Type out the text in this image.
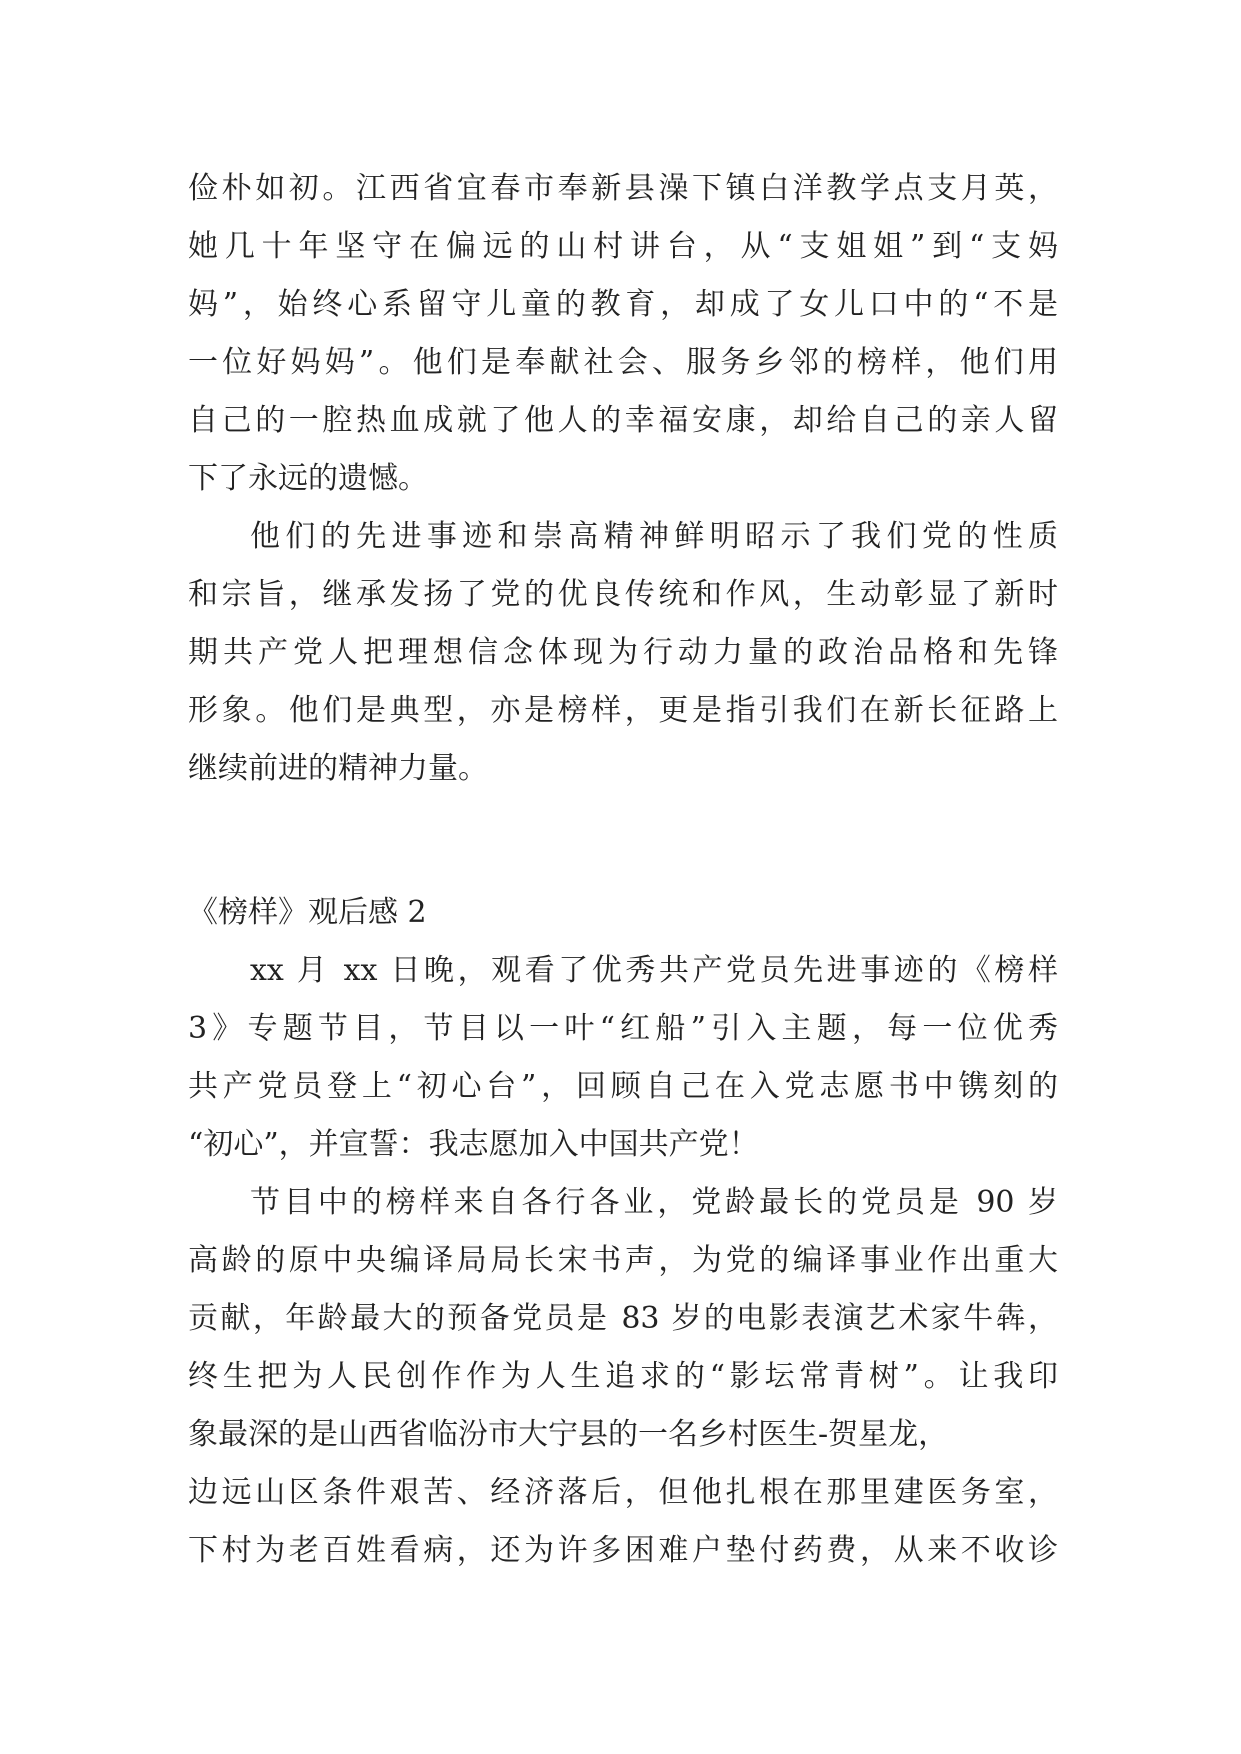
俭朴如初。江西省宜春市奉新县澡下镇白洋教学点支月英，
她几十年坚守在偏远的山村讲台，从“支姐姐”到“支妈
妈”，始终心系留守儿童的教育，却成了女儿口中的“不是
一位好妈妈”。他们是奉献社会、服务乡邻的榜样，他们用
自己的一腔热血成就了他人的幸福安康，却给自己的亲人留
下了永远的遗憾。
他们的先进事迹和崇高精神鲜明昭示了我们党的性质
和宗旨，继承发扬了党的优良传统和作风，生动彰显了新时
期共产党人把理想信念体现为行动力量的政治品格和先锋
形象。他们是典型，亦是榜样，更是指引我们在新长征路上
继续前进的精神力量。
《榜样》观后感 2
xx 月 xx 日晚，观看了优秀共产党员先进事迹的《榜样
3》专题节目，节目以一叶“红船”引入主题，每一位优秀
共产党员登上“初心台”，回顾自己在入党志愿书中镌刻的
“初心”，并宣誓：我志愿加入中国共产党！
节目中的榜样来自各行各业，党龄最长的党员是 90 岁
高龄的原中央编译局局长宋书声，为党的编译事业作出重大
贡献，年龄最大的预备党员是 83 岁的电影表演艺术家牛犇，
终生把为人民创作作为人生追求的“影坛常青树”。让我印
象最深的是山西省临汾市大宁县的一名乡村医生-贺星龙，
边远山区条件艰苦、经济落后，但他扎根在那里建医务室，
下村为老百姓看病，还为许多困难户垫付药费，从来不收诊
